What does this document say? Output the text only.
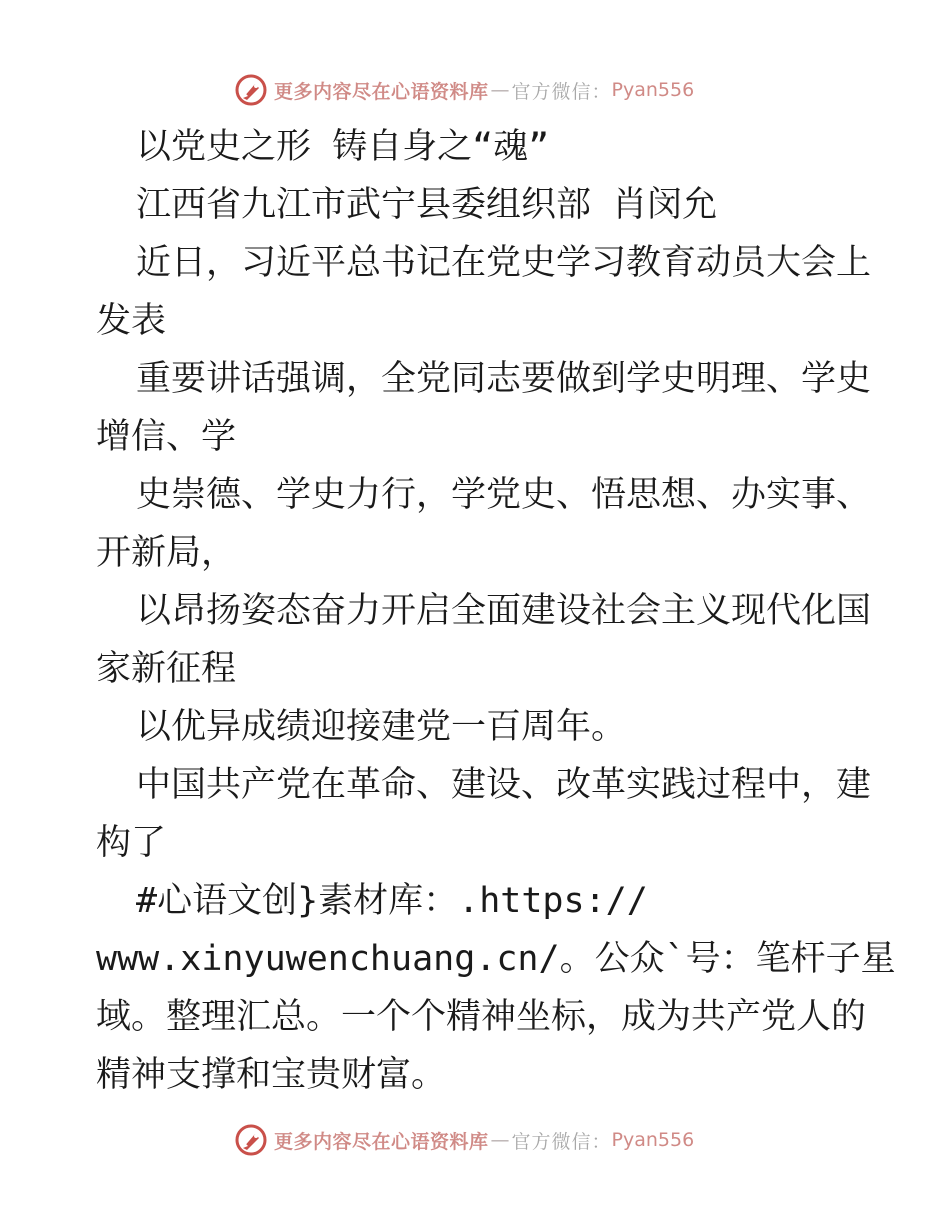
更多内容尽在心语资料库 — 官方微信： Pyan556
以党史之形 铸自身之“魂”
江西省九江市武宁县委组织部 肖闵允
近日，习近平总书记在党史学习教育动员大会上
发表
重要讲话强调，全党同志要做到学史明理、学史
增信、学
史崇德、学史力行，学党史、悟思想、办实事、
开新局，
以昂扬姿态奋力开启全面建设社会主义现代化国
家新征程
以优异成绩迎接建党一百周年。
中国共产党在革命、建设、改革实践过程中，建
构了
#心语文创}素材库：.https://
www.xinyuwenchuang.cn/。公众`号：笔杆子星
域。整理汇总。一个个精神坐标，成为共产党人的
精神支撑和宝贵财富。
更多内容尽在心语资料库 — 官方微信： Pyan556
